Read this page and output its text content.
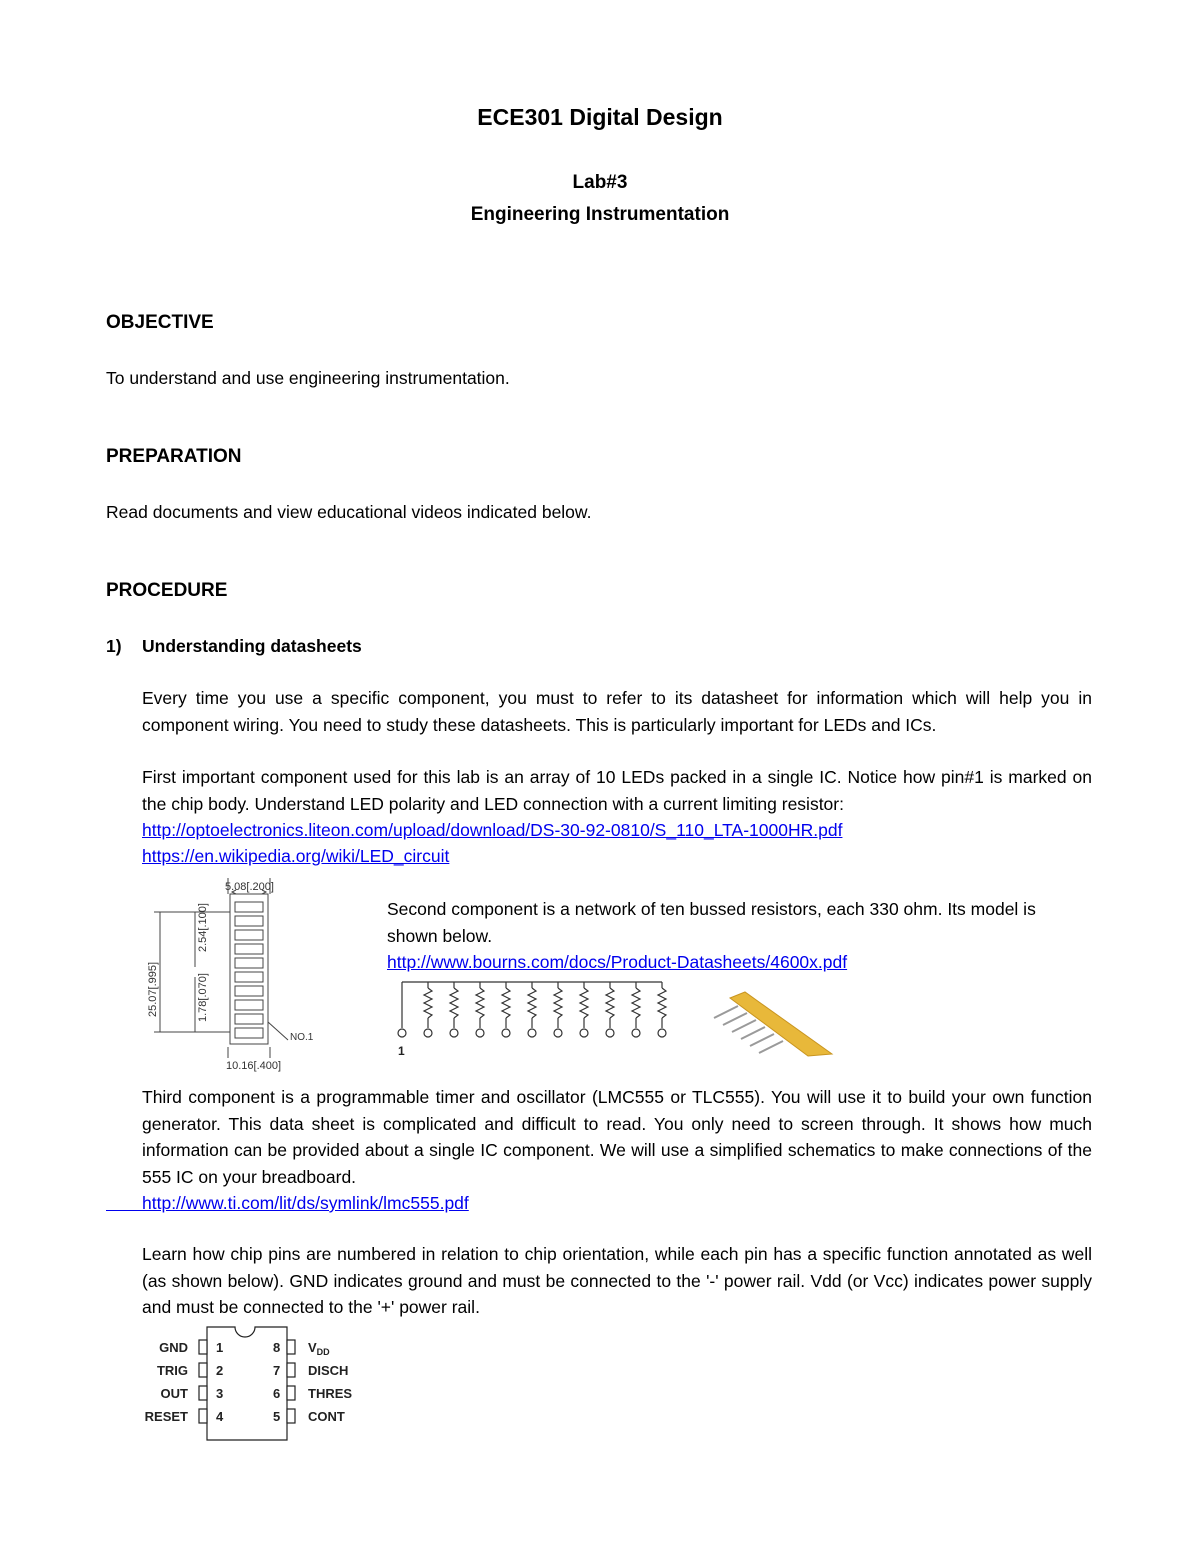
ECE301 Digital Design
Lab#3
Engineering Instrumentation
OBJECTIVE
To understand and use engineering instrumentation.
PREPARATION
Read documents and view educational videos indicated below.
PROCEDURE
1) Understanding datasheets
Every time you use a specific component, you must to refer to its datasheet for information which will help you in component wiring. You need to study these datasheets. This is particularly important for LEDs and ICs.
First important component used for this lab is an array of 10 LEDs packed in a single IC. Notice how pin#1 is marked on the chip body. Understand LED polarity and LED connection with a current limiting resistor:
http://optoelectronics.liteon.com/upload/download/DS-30-92-0810/S_110_LTA-1000HR.pdf
https://en.wikipedia.org/wiki/LED_circuit
5.08[.200]
NO.1
10.16[.400]
25.07[.995]
2.54[.100]
1.78[.070]
Second component is a network of ten bussed resistors, each 330 ohm. Its model is shown below.
http://www.bourns.com/docs/Product-Datasheets/4600x.pdf
1
Third component is a programmable timer and oscillator (LMC555 or TLC555). You will use it to build your own function generator. This data sheet is complicated and difficult to read. You only need to screen through. It shows how much information can be provided about a single IC component. We will use a simplified schematics to make connections of the 555 IC on your breadboard.
http://www.ti.com/lit/ds/symlink/lmc555.pdf
Learn how chip pins are numbered in relation to chip orientation, while each pin has a specific function annotated as well (as shown below). GND indicates ground and must be connected to the '-' power rail. Vdd (or Vcc) indicates power supply and must be connected to the '+' power rail.
GND
TRIG
OUT
RESET
1
2
3
4
8
7
6
5
$V_{DD}$
DISCH
THRES
CONT
